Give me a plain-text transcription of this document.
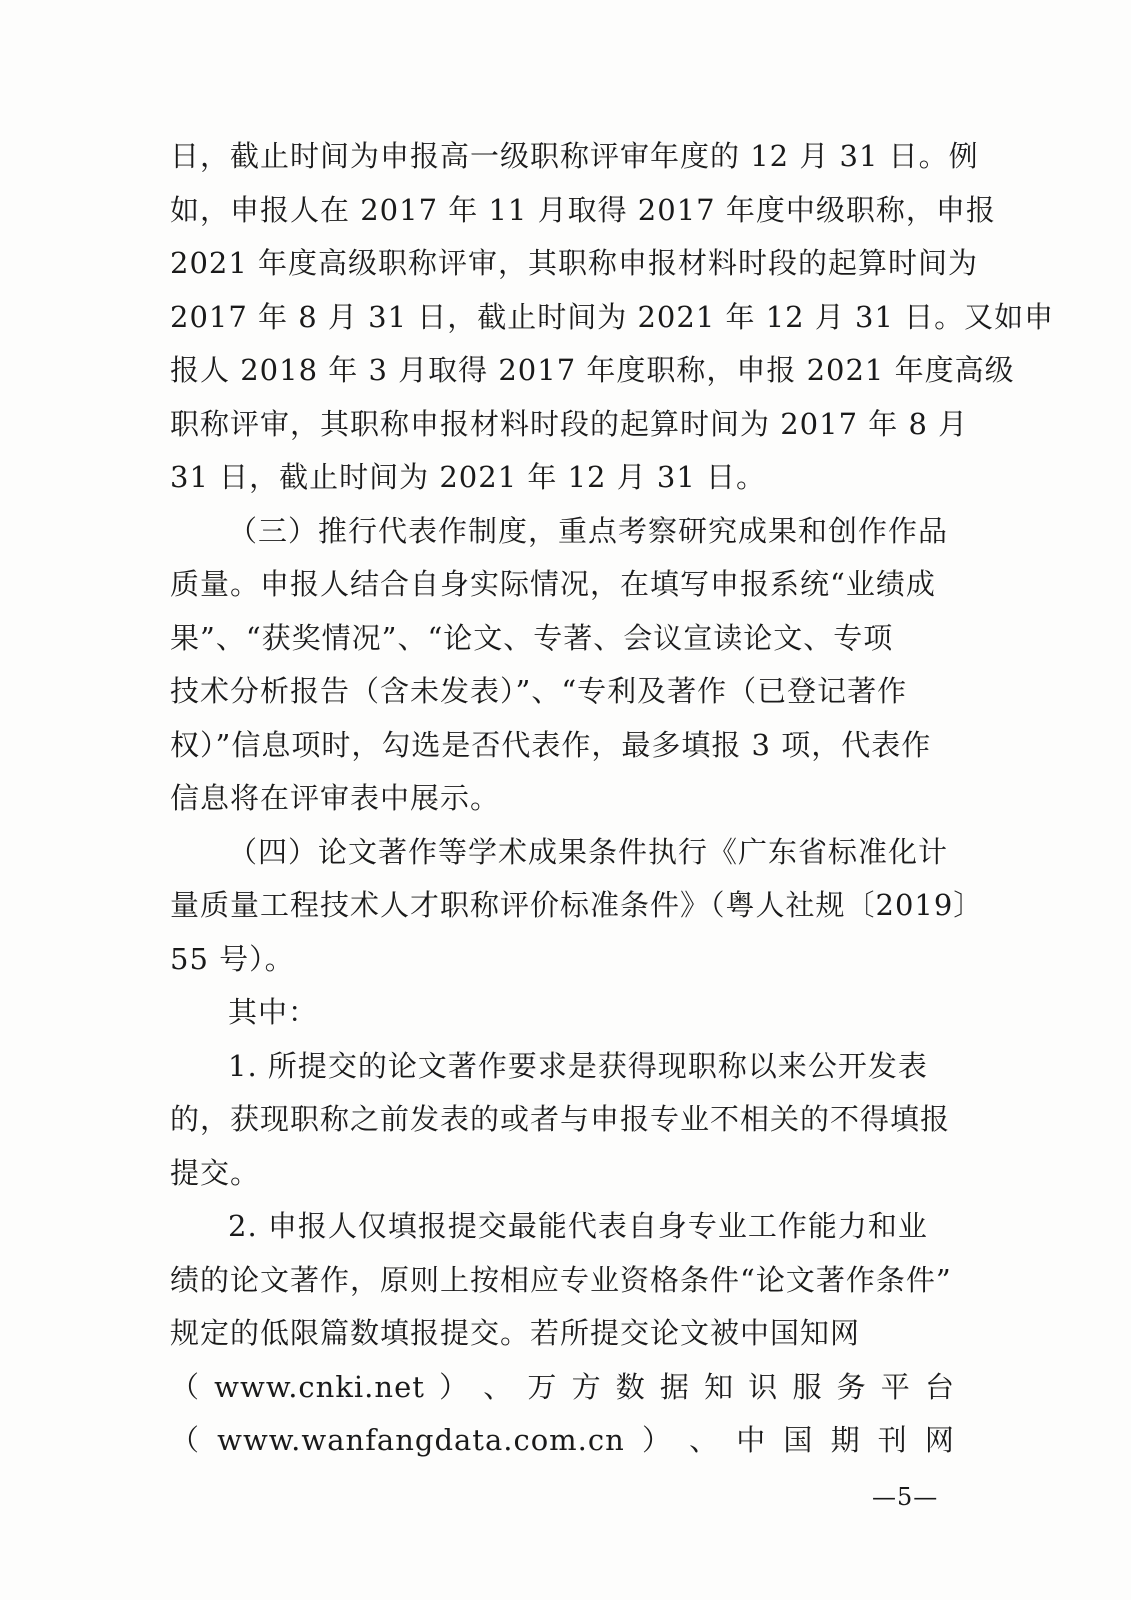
日，截止时间为申报高一级职称评审年度的 12 月 31 日。例
如，申报人在 2017 年 11 月取得 2017 年度中级职称，申报
2021 年度高级职称评审，其职称申报材料时段的起算时间为
2017 年 8 月 31 日，截止时间为 2021 年 12 月 31 日。又如申
报人 2018 年 3 月取得 2017 年度职称，申报 2021 年度高级
职称评审，其职称申报材料时段的起算时间为 2017 年 8 月
31 日，截止时间为 2021 年 12 月 31 日。
（三）推行代表作制度，重点考察研究成果和创作作品
质量。申报人结合自身实际情况，在填写申报系统“业绩成
果”、“获奖情况”、“论文、专著、会议宣读论文、专项
技术分析报告（含未发表）”、“专利及著作（已登记著作
权）”信息项时，勾选是否代表作，最多填报 3 项，代表作
信息将在评审表中展示。
（四）论文著作等学术成果条件执行《广东省标准化计
量质量工程技术人才职称评价标准条件》（粤人社规〔2019〕
55 号）。
其中：
1. 所提交的论文著作要求是获得现职称以来公开发表
的，获现职称之前发表的或者与申报专业不相关的不得填报
提交。
2. 申报人仅填报提交最能代表自身专业工作能力和业
绩的论文著作，原则上按相应专业资格条件“论文著作条件”
规定的低限篇数填报提交。若所提交论文被中国知网
（ www.cnki.net ） 、 万 方 数 据 知 识 服 务 平 台
（ www.wanfangdata.com.cn ） 、 中 国 期 刊 网
—5—
